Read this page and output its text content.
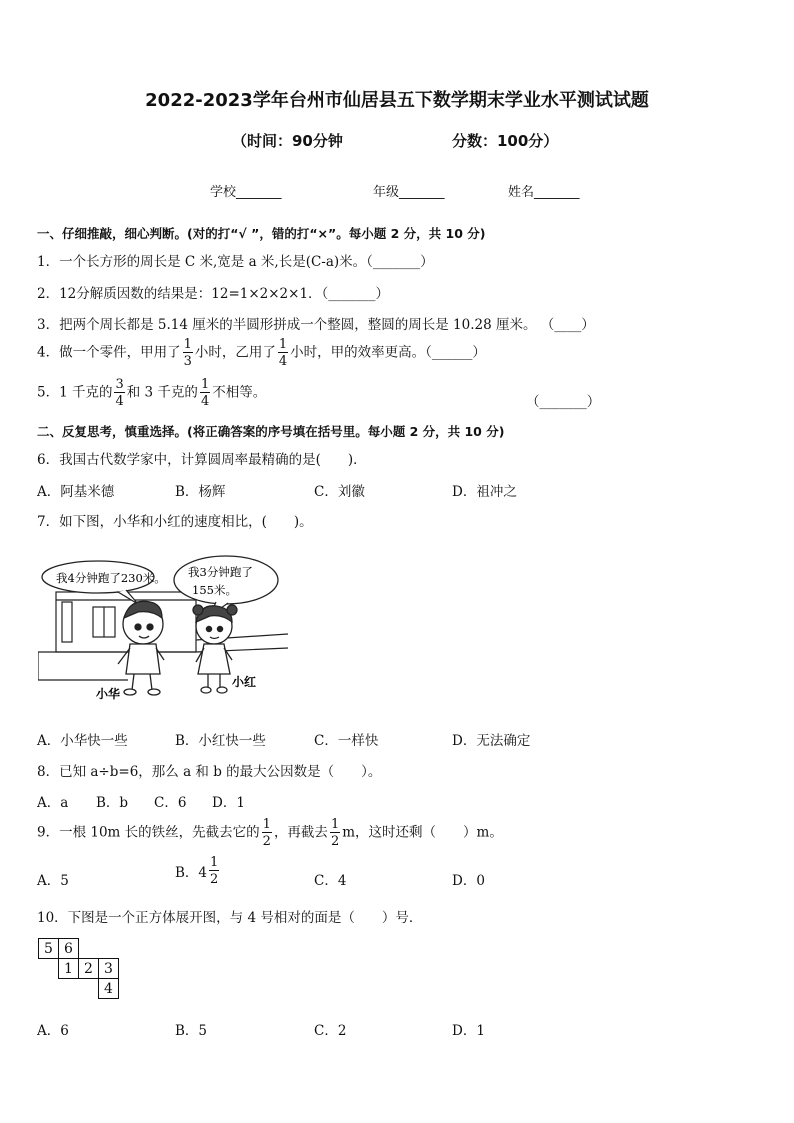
2022-2023学年台州市仙居县五下数学期末学业水平测试试题
（时间：90分钟	分数：100分）
学校_______	年级_______	姓名_______
一、仔细推敲，细心判断。(对的打“√ ”，错的打“×”。每小题 2 分，共 10 分)
1．一个长方形的周长是 C 米,宽是 a 米,长是(C-a)米。（_______）
2．12分解质因数的结果是：12=1×2×2×1．（_______）
3．把两个周长都是 5.14 厘米的半圆形拼成一个整圆，整圆的周长是 10.28 厘米。 （____）
4．做一个零件，甲用了 $\frac{1}{3}$ 小时，乙用了 $\frac{1}{4}$ 小时，甲的效率更高。（______）
5．1 千克的 $\frac{3}{4}$ 和 3 千克的 $\frac{1}{4}$ 不相等。
（_______）
二、反复思考，慎重选择。(将正确答案的序号填在括号里。每小题 2 分，共 10 分)
6．我国古代数学家中，计算圆周率最精确的是(　　)．
A．阿基米德	B．杨辉	C．刘徽	D．祖冲之
7．如下图，小华和小红的速度相比，(　　)。
我4分钟跑了230米。 我3分钟跑了
155米。
小华
小红
A．小华快一些	B．小红快一些	C．一样快	D．无法确定
8．已知 a÷b=6，那么 a 和 b 的最大公因数是（　　）。
A．a B．b C．6 D．1
9．一根 10m 长的铁丝，先截去它的 $\frac{1}{2}$ ，再截去 $\frac{1}{2}$ m，这时还剩（　　）m。
A．5	B．$4 \frac{1}{2}$	C．4	D．0
10．下图是一个正方体展开图，与 4 号相对的面是（　　）号．
5 6
1 2 3
4
A．6	B．5	C．2	D．1
